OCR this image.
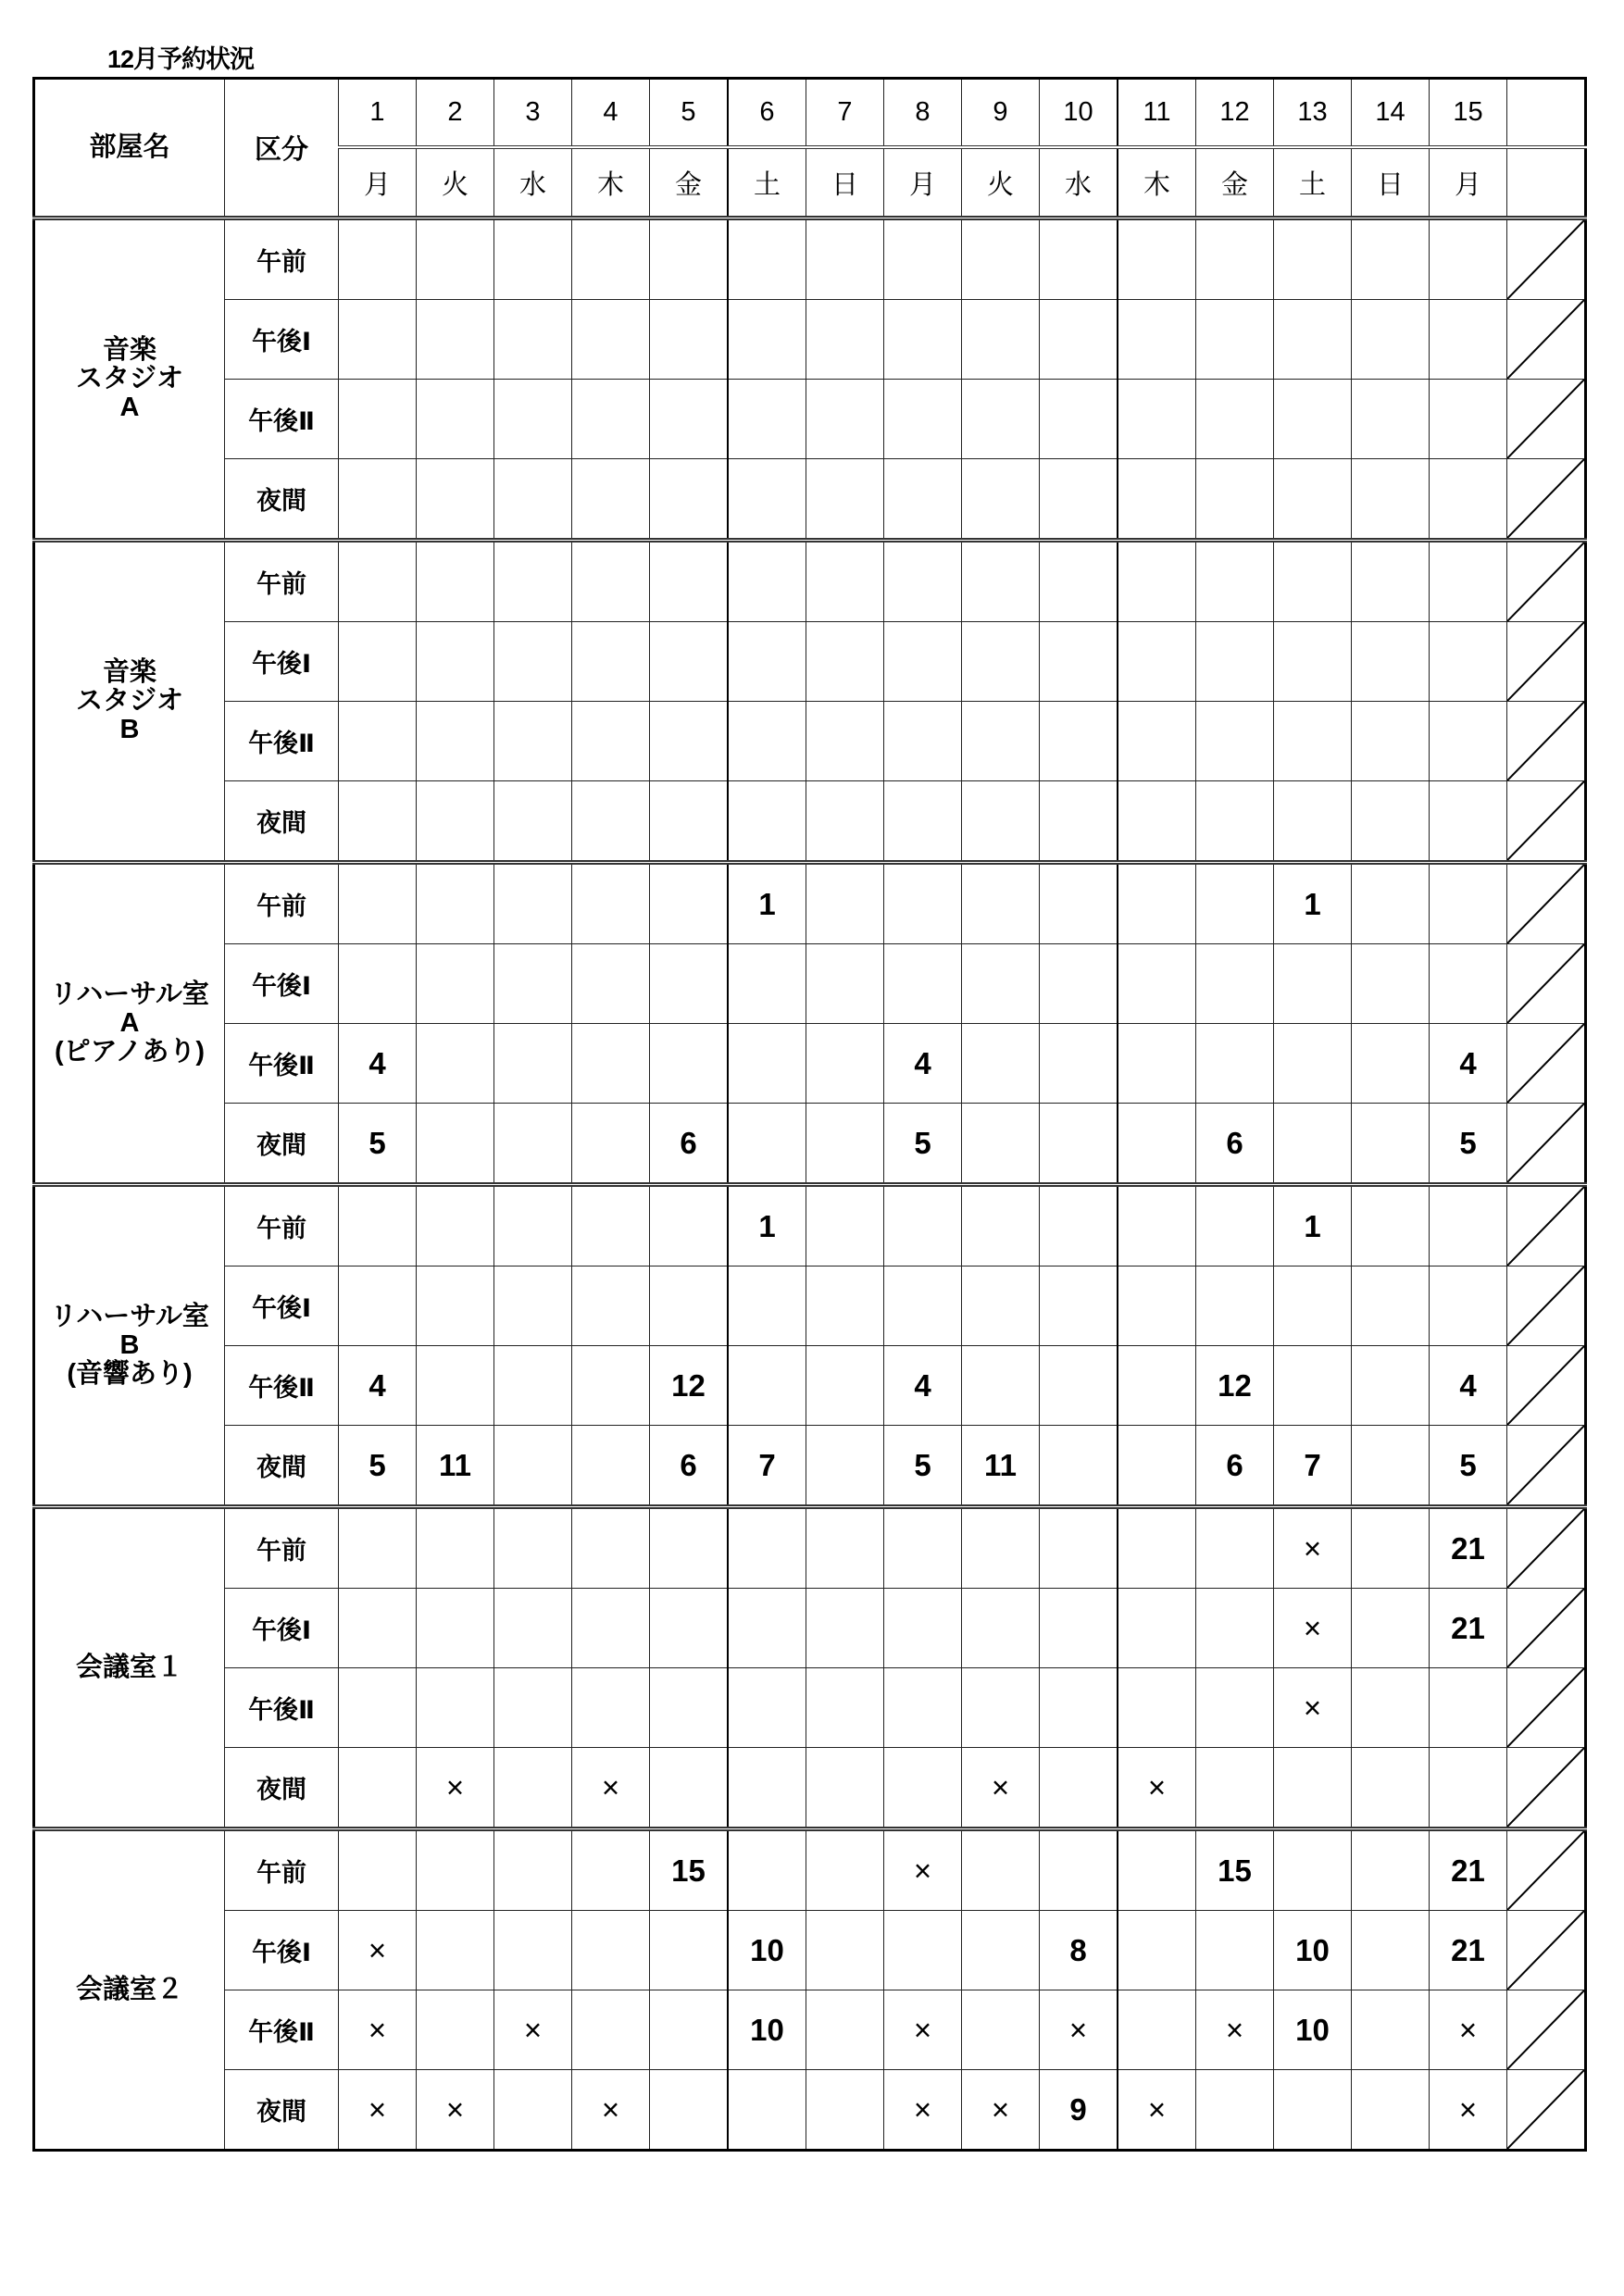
12月予約状況
部屋名	区分	1	2	3	4	5	6	7	8	9	10	11	12	13	14	15	
		月	火	水	木	金	土	日	月	火	水	木	金	土	日	月	

音楽
スタジオ
A	午前																

	午後Ⅰ																

	午後Ⅱ																

	夜間																

音楽
スタジオ
B	午前																

	午後Ⅰ																

	午後Ⅱ																

	夜間																

リハーサル室
A
(ピアノあり)	午前						1							1			

	午後Ⅰ																

	午後Ⅱ	4							4							4	

	夜間	5				6			5				6			5	

リハーサル室
B
(音響あり)	午前						1							1			

	午後Ⅰ																

	午後Ⅱ	4				12			4				12			4	

	夜間	5	11			6	7		5	11			6	7		5	

会議室１	午前													×		21	

	午後Ⅰ													×		21	

	午後Ⅱ													×			

	夜間		×		×					×		×					

会議室２	午前					15			×				15			21	

	午後Ⅰ	×					10				8			10		21	

	午後Ⅱ	×		×			10		×		×		×	10		×	

	夜間	×	×		×				×	×	9	×				×	
